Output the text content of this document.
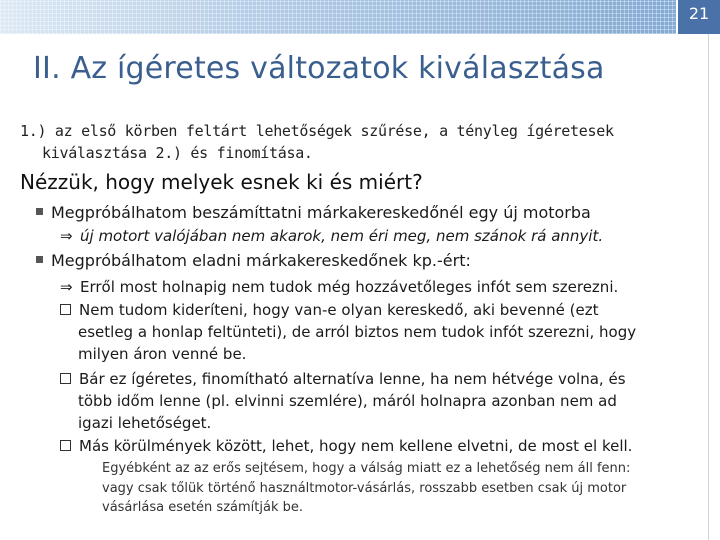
21
II. Az ígéretes változatok kiválasztása
1.) az első körben feltárt lehetőségek szűrése, a tényleg ígéretesek
kiválasztása 2.) és finomítása.
Nézzük, hogy melyek esnek ki és miért?
Megpróbálhatom beszámíttatni márkakereskedőnél egy új motorba
⇒ új motort valójában nem akarok, nem éri meg, nem szánok rá annyit.
Megpróbálhatom eladni márkakereskedőnek kp.-ért:
⇒ Erről most holnapig nem tudok még hozzávetőleges infót sem szerezni.
Nem tudom kideríteni, hogy van-e olyan kereskedő, aki bevenné (ezt
esetleg a honlap feltünteti), de arról biztos nem tudok infót szerezni, hogy
milyen áron venné be.
Bár ez ígéretes, finomítható alternatíva lenne, ha nem hétvége volna, és
több időm lenne (pl. elvinni szemlére), máról holnapra azonban nem ad
igazi lehetőséget.
Más körülmények között, lehet, hogy nem kellene elvetni, de most el kell.
Egyébként az az erős sejtésem, hogy a válság miatt ez a lehetőség nem áll fenn:
vagy csak tőlük történő használtmotor-vásárlás, rosszabb esetben csak új motor
vásárlása esetén számítják be.
